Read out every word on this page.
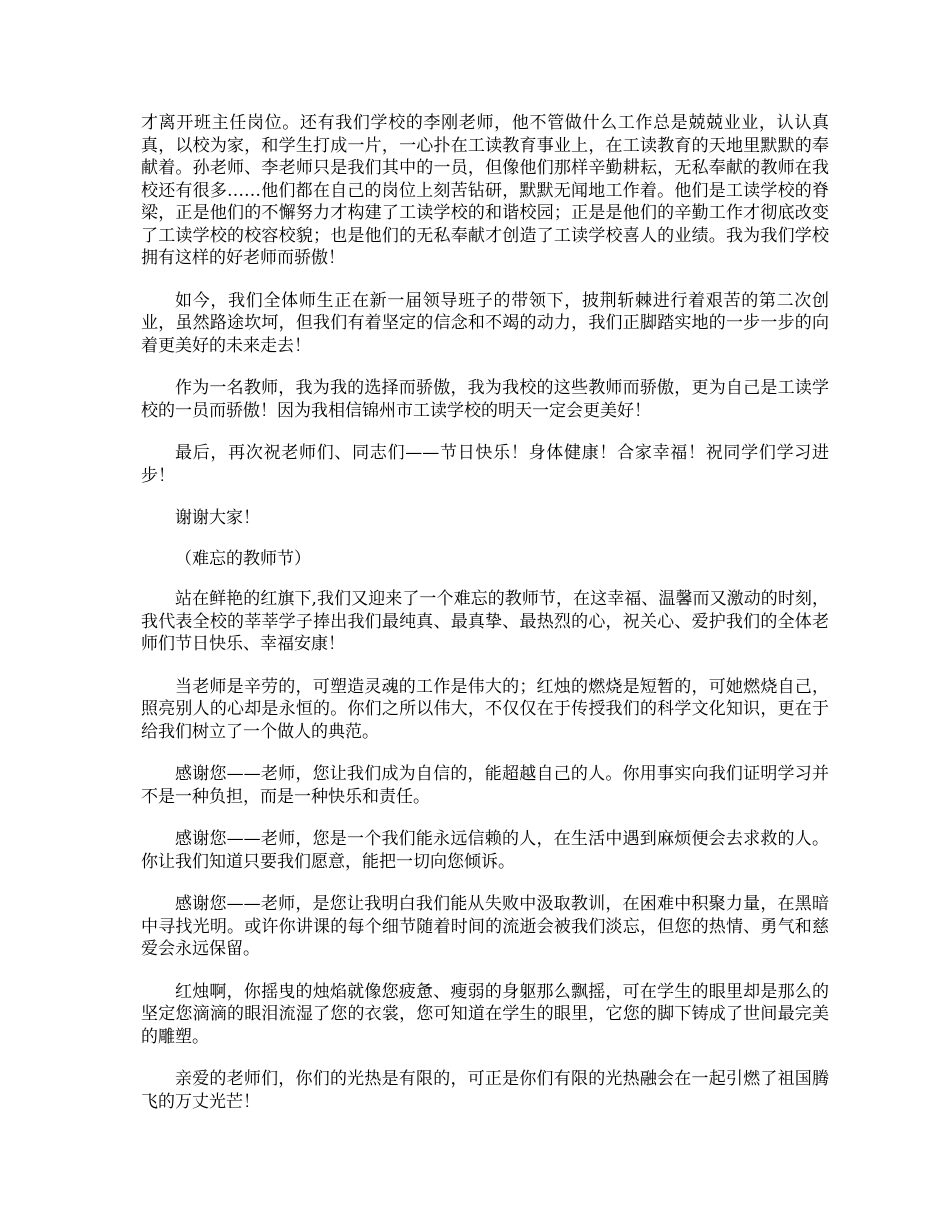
才离开班主任岗位。还有我们学校的李刚老师，他不管做什么工作总是兢兢业业，认认真真，以校为家，和学生打成一片，一心扑在工读教育事业上，在工读教育的天地里默默的奉献着。孙老师、李老师只是我们其中的一员，但像他们那样辛勤耕耘，无私奉献的教师在我校还有很多……他们都在自己的岗位上刻苦钻研，默默无闻地工作着。他们是工读学校的脊梁，正是他们的不懈努力才构建了工读学校的和谐校园；正是是他们的辛勤工作才彻底改变了工读学校的校容校貌；也是他们的无私奉献才创造了工读学校喜人的业绩。我为我们学校拥有这样的好老师而骄傲！

如今，我们全体师生正在新一届领导班子的带领下，披荆斩棘进行着艰苦的第二次创业，虽然路途坎坷，但我们有着坚定的信念和不竭的动力，我们正脚踏实地的一步一步的向着更美好的未来走去！

作为一名教师，我为我的选择而骄傲，我为我校的这些教师而骄傲，更为自己是工读学校的一员而骄傲！因为我相信锦州市工读学校的明天一定会更美好！

最后，再次祝老师们、同志们——节日快乐！身体健康！合家幸福！祝同学们学习进步！

谢谢大家！

（难忘的教师节）

站在鲜艳的红旗下,我们又迎来了一个难忘的教师节，在这幸福、温馨而又激动的时刻，我代表全校的莘莘学子捧出我们最纯真、最真挚、最热烈的心，祝关心、爱护我们的全体老师们节日快乐、幸福安康！

当老师是辛劳的，可塑造灵魂的工作是伟大的；红烛的燃烧是短暂的，可她燃烧自己，照亮别人的心却是永恒的。你们之所以伟大，不仅仅在于传授我们的科学文化知识，更在于给我们树立了一个做人的典范。

感谢您——老师，您让我们成为自信的，能超越自己的人。你用事实向我们证明学习并不是一种负担，而是一种快乐和责任。

感谢您——老师，您是一个我们能永远信赖的人，在生活中遇到麻烦便会去求救的人。你让我们知道只要我们愿意，能把一切向您倾诉。

感谢您——老师，是您让我明白我们能从失败中汲取教训，在困难中积聚力量，在黑暗中寻找光明。或许你讲课的每个细节随着时间的流逝会被我们淡忘，但您的热情、勇气和慈爱会永远保留。

红烛啊，你摇曳的烛焰就像您疲惫、瘦弱的身躯那么飘摇，可在学生的眼里却是那么的坚定您滴滴的眼泪流湿了您的衣裳，您可知道在学生的眼里，它您的脚下铸成了世间最完美的雕塑。

亲爱的老师们，你们的光热是有限的，可正是你们有限的光热融会在一起引燃了祖国腾飞的万丈光芒！
